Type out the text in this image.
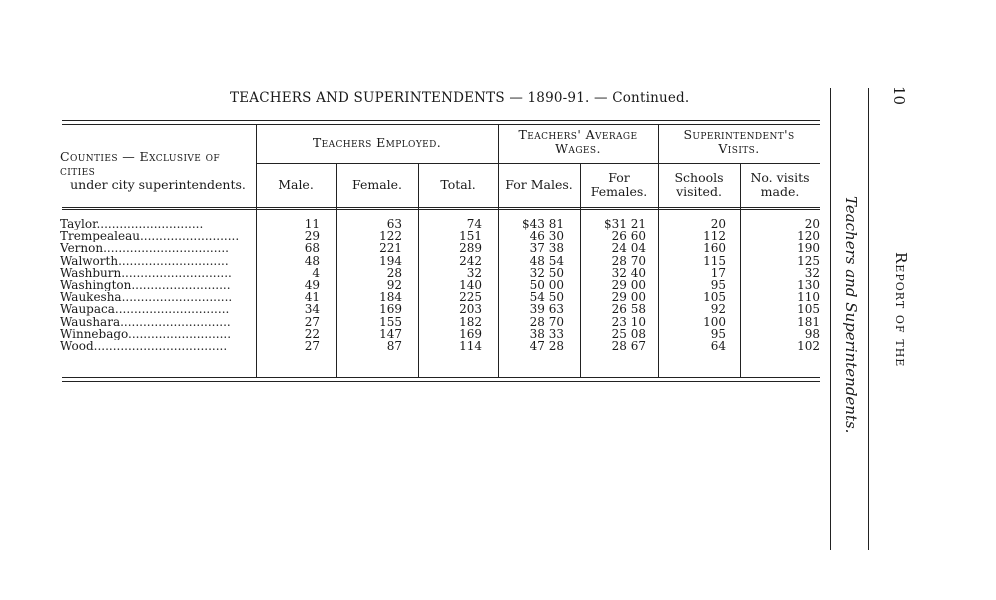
TEACHERS AND SUPERINTENDENTS — 1890-91. — Continued.
Counties — Exclusive of cities
under city superintendents.
Teachers Employed.
Teachers' Average
Wages.
Superintendent's
Visits.
Male.	Female.	Total.	For Males.	For
Females.
Schools
visited.
No. visits
made.
Taylor............................	11	63	74	$43 81	$31 21	20	20
Trempealeau..........................	29	122	151	46 30	26 60	112	120
Vernon.................................	68	221	289	37 38	24 04	160	190
Walworth.............................	48	194	242	48 54	28 70	115	125
Washburn.............................	4	28	32	32 50	32 40	17	32
Washington..........................	49	92	140	50 00	29 00	95	130
Waukesha.............................	41	184	225	54 50	29 00	105	110
Waupaca..............................	34	169	203	39 63	26 58	92	105
Waushara.............................	27	155	182	28 70	23 10	100	181
Winnebago...........................	22	147	169	38 33	25 08	95	98
Wood...................................	27	87	114	47 28	28 67	64	102 Teachers and Superintendents. Report of the
10
